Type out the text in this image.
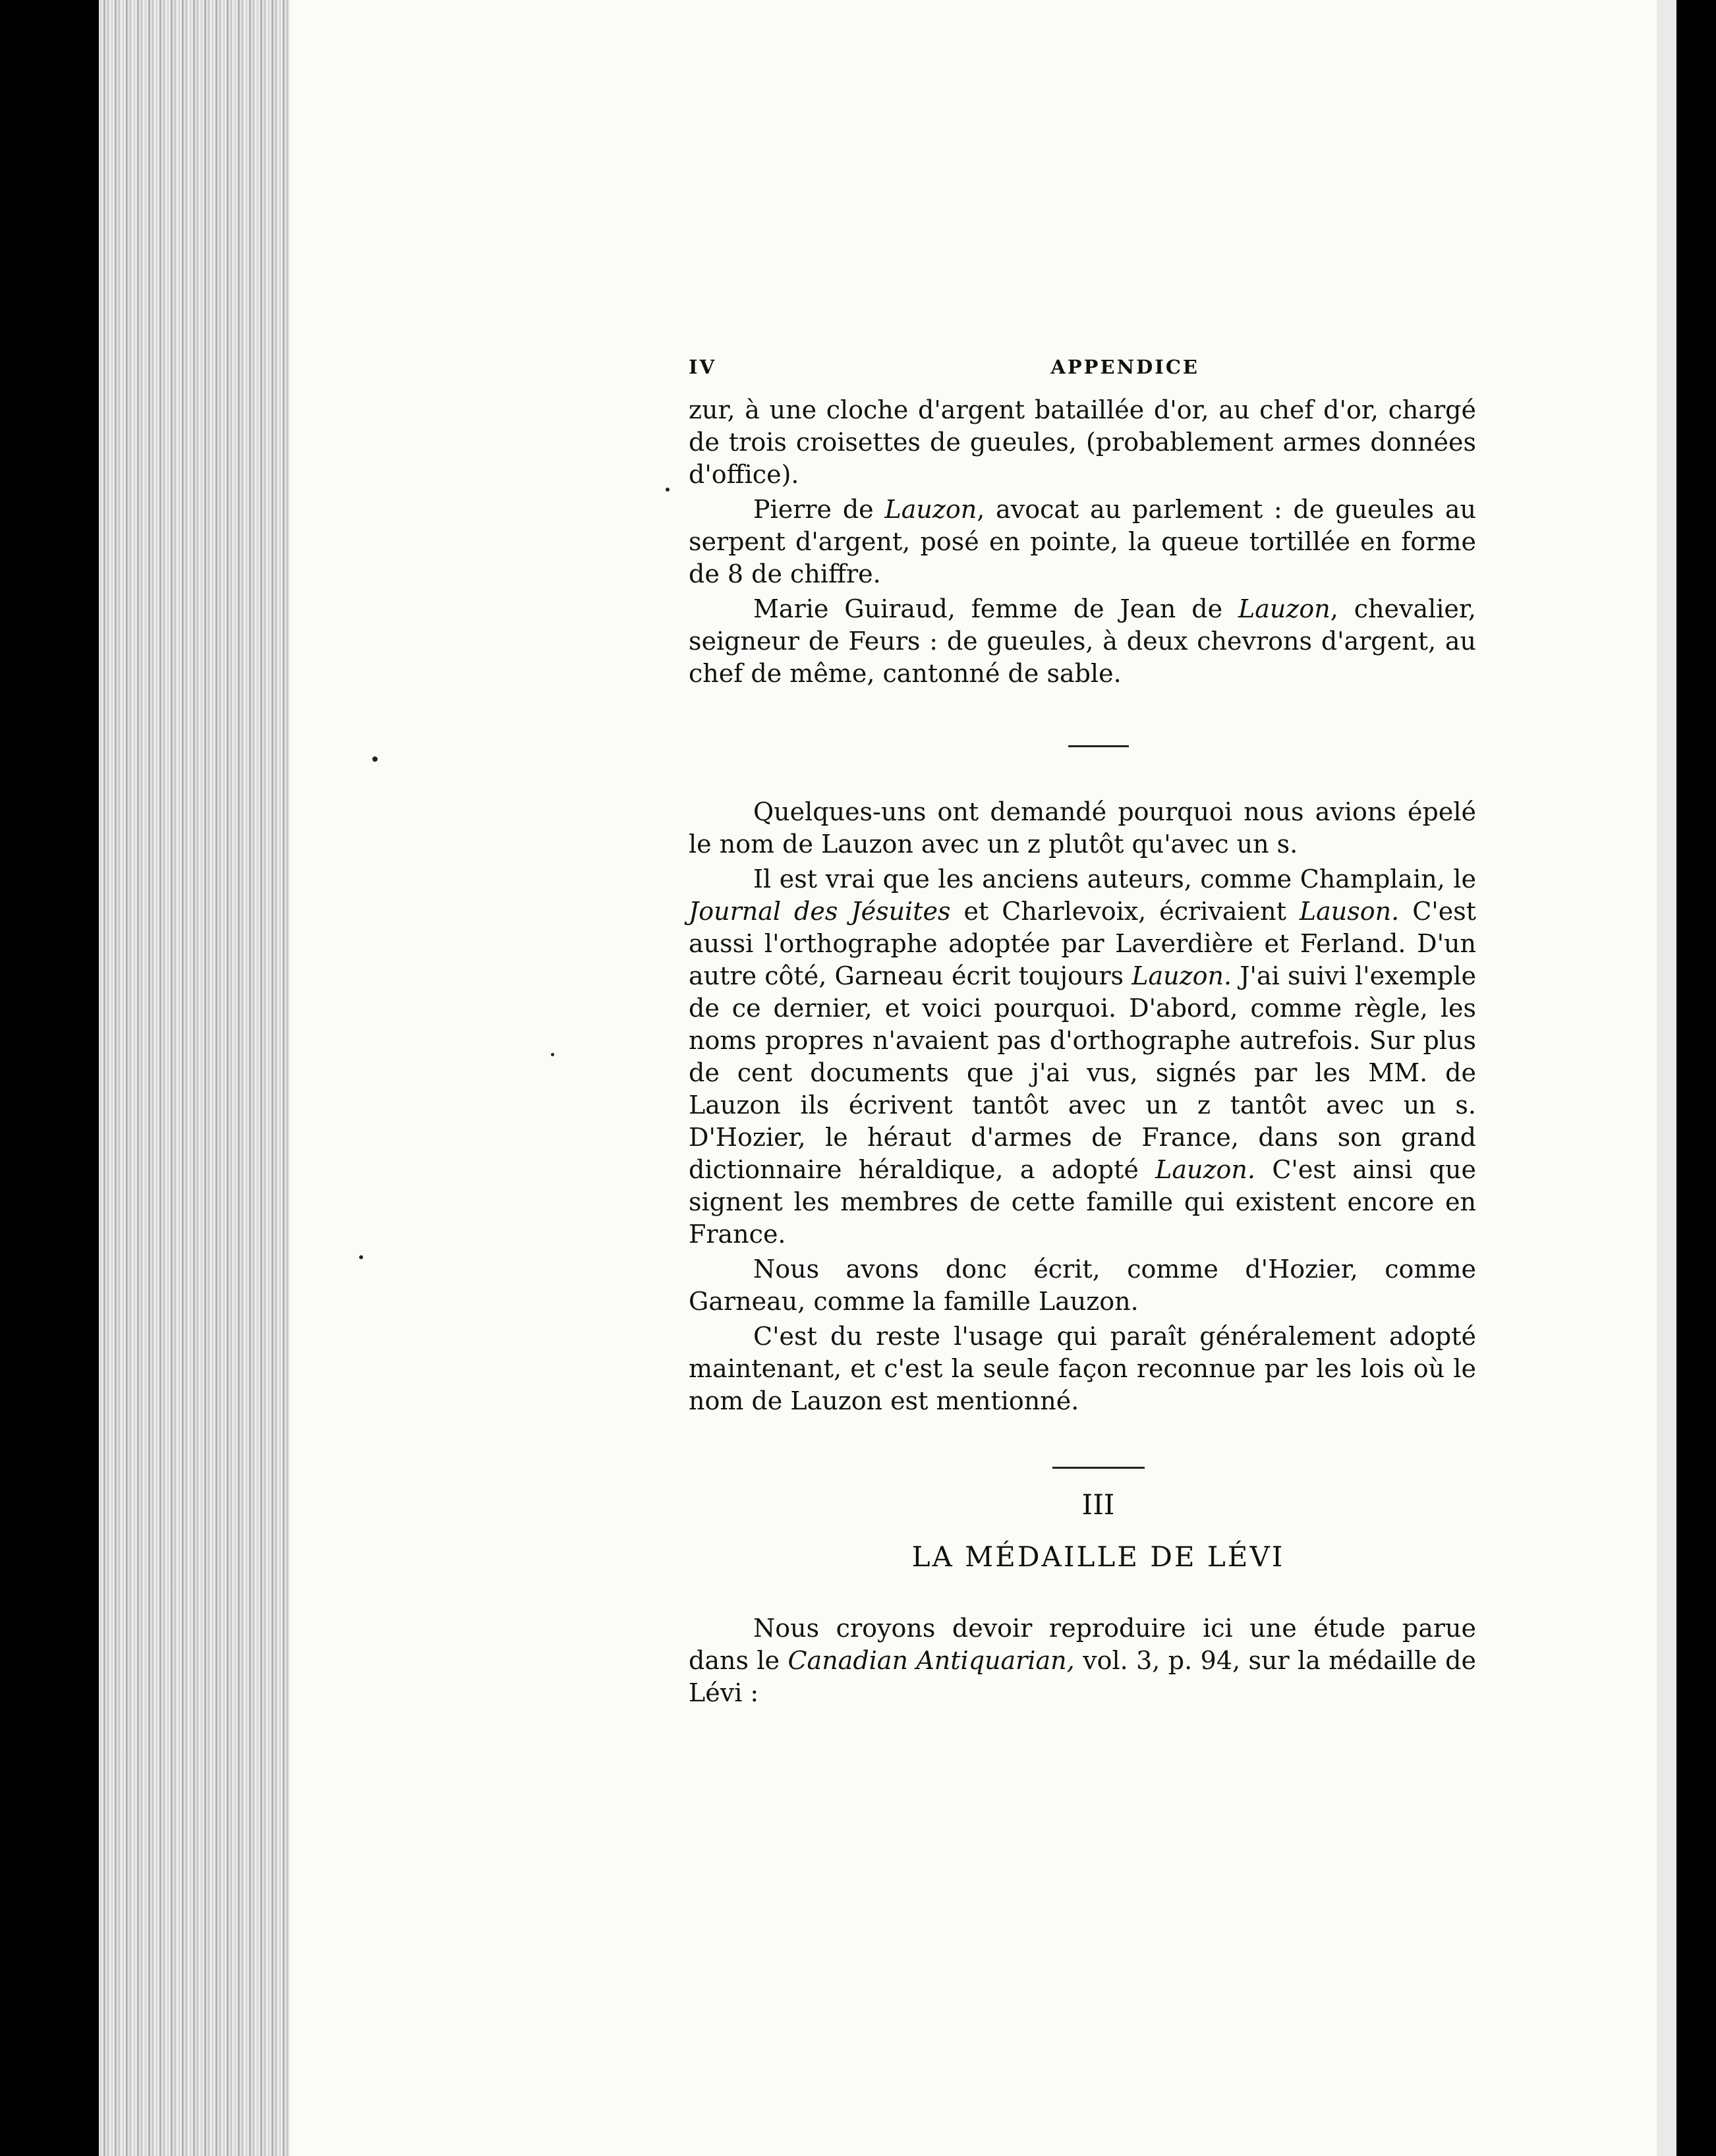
IV	APPENDICE

zur, à une cloche d'argent bataillée d'or, au chef d'or, chargé de trois croisettes de gueules, (probablement armes données d'office).

Pierre de Lauzon, avocat au parlement : de gueules au serpent d'argent, posé en pointe, la queue tortillée en forme de 8 de chiffre.

Marie Guiraud, femme de Jean de Lauzon, chevalier, seigneur de Feurs : de gueules, à deux chevrons d'argent, au chef de même, cantonné de sable.

Quelques-uns ont demandé pourquoi nous avions épelé le nom de Lauzon avec un z plutôt qu'avec un s.

Il est vrai que les anciens auteurs, comme Champlain, le Journal des Jésuites et Charlevoix, écrivaient Lauson. C'est aussi l'orthographe adoptée par Laverdière et Ferland. D'un autre côté, Garneau écrit toujours Lauzon. J'ai suivi l'exemple de ce dernier, et voici pourquoi. D'abord, comme règle, les noms propres n'avaient pas d'orthographe autrefois. Sur plus de cent documents que j'ai vus, signés par les MM. de Lauzon ils écrivent tantôt avec un z tantôt avec un s. D'Hozier, le héraut d'armes de France, dans son grand dictionnaire héraldique, a adopté Lauzon. C'est ainsi que signent les membres de cette famille qui existent encore en France.

Nous avons donc écrit, comme d'Hozier, comme Garneau, comme la famille Lauzon.

C'est du reste l'usage qui paraît généralement adopté maintenant, et c'est la seule façon reconnue par les lois où le nom de Lauzon est mentionné.

III
LA MÉDAILLE DE LÉVI

Nous croyons devoir reproduire ici une étude parue dans le Canadian Antiquarian, vol. 3, p. 94, sur la médaille de Lévi :
